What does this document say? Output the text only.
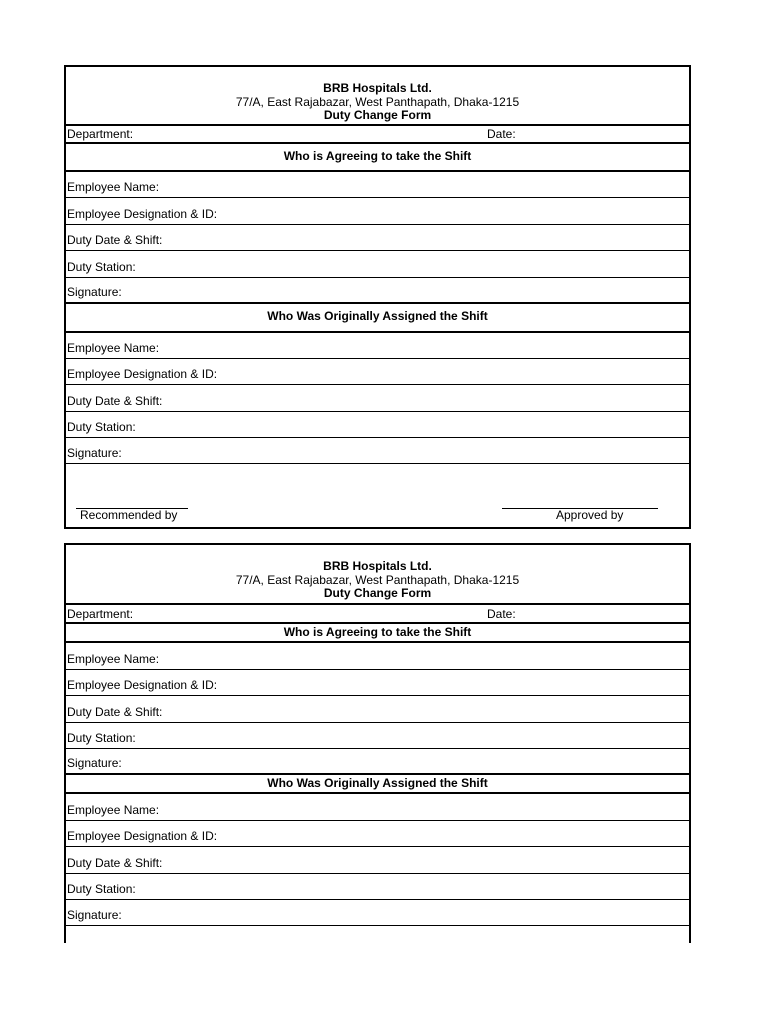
BRB Hospitals Ltd.
77/A, East Rajabazar, West Panthapath, Dhaka-1215
Duty Change Form
Department:	Date:
Who is Agreeing to take the Shift
Employee Name:
Employee Designation & ID:
Duty Date & Shift:
Duty Station:
Signature:
Who Was Originally Assigned the Shift
Employee Name:
Employee Designation & ID:
Duty Date & Shift:
Duty Station:
Signature:
Recommended by	Approved by
BRB Hospitals Ltd.
77/A, East Rajabazar, West Panthapath, Dhaka-1215
Duty Change Form
Department:	Date:
Who is Agreeing to take the Shift
Employee Name:
Employee Designation & ID:
Duty Date & Shift:
Duty Station:
Signature:
Who Was Originally Assigned the Shift
Employee Name:
Employee Designation & ID:
Duty Date & Shift:
Duty Station:
Signature:
